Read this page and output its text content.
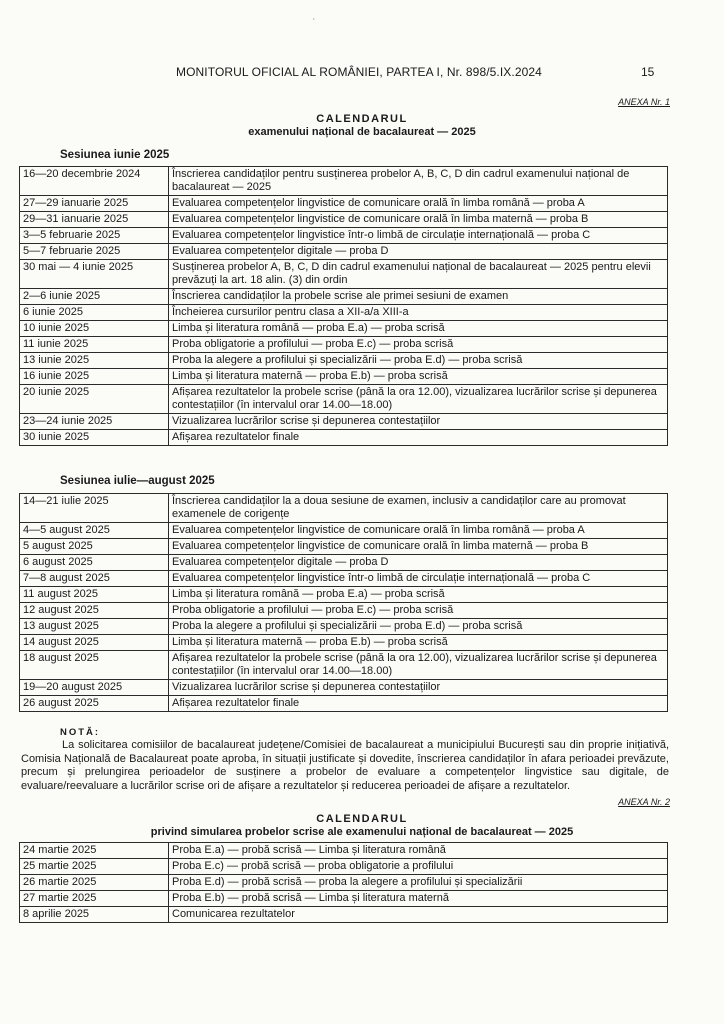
‘
MONITORUL OFICIAL AL ROMÂNIEI, PARTEA I, Nr. 898/5.IX.2024	15
ANEXA Nr. 1
CALENDARUL
examenului național de bacalaureat — 2025
Sesiunea iunie 2025
16—20 decembrie 2024	Înscrierea candidaților pentru susținerea probelor A, B, C, D din cadrul examenului național de bacalaureat — 2025
27—29 ianuarie 2025	Evaluarea competențelor lingvistice de comunicare orală în limba română — proba A
29—31 ianuarie 2025	Evaluarea competențelor lingvistice de comunicare orală în limba maternă — proba B
3—5 februarie 2025	Evaluarea competențelor lingvistice într-o limbă de circulație internațională — proba C
5—7 februarie 2025	Evaluarea competențelor digitale — proba D
30 mai — 4 iunie 2025	Susținerea probelor A, B, C, D din cadrul examenului național de bacalaureat — 2025 pentru elevii prevăzuți la art. 18 alin. (3) din ordin
2—6 iunie 2025	Înscrierea candidaților la probele scrise ale primei sesiuni de examen
6 iunie 2025	Încheierea cursurilor pentru clasa a XII-a/a XIII-a
10 iunie 2025	Limba și literatura română — proba E.a) — proba scrisă
11 iunie 2025	Proba obligatorie a profilului — proba E.c) — proba scrisă
13 iunie 2025	Proba la alegere a profilului și specializării — proba E.d) — proba scrisă
16 iunie 2025	Limba și literatura maternă — proba E.b) — proba scrisă
20 iunie 2025	Afișarea rezultatelor la probele scrise (până la ora 12.00), vizualizarea lucrărilor scrise și depunerea contestațiilor (în intervalul orar 14.00—18.00)
23—24 iunie 2025	Vizualizarea lucrărilor scrise și depunerea contestațiilor
30 iunie 2025	Afișarea rezultatelor finale
Sesiunea iulie—august 2025
14—21 iulie 2025	Înscrierea candidaților la a doua sesiune de examen, inclusiv a candidaților care au promovat examenele de corigențe
4—5 august 2025	Evaluarea competențelor lingvistice de comunicare orală în limba română — proba A
5 august 2025	Evaluarea competențelor lingvistice de comunicare orală în limba maternă — proba B
6 august 2025	Evaluarea competențelor digitale — proba D
7—8 august 2025	Evaluarea competențelor lingvistice într-o limbă de circulație internațională — proba C
11 august 2025	Limba și literatura română — proba E.a) — proba scrisă
12 august 2025	Proba obligatorie a profilului — proba E.c) — proba scrisă
13 august 2025	Proba la alegere a profilului și specializării — proba E.d) — proba scrisă
14 august 2025	Limba și literatura maternă — proba E.b) — proba scrisă
18 august 2025	Afișarea rezultatelor la probele scrise (până la ora 12.00), vizualizarea lucrărilor scrise și depunerea contestațiilor (în intervalul orar 14.00—18.00)
19—20 august 2025	Vizualizarea lucrărilor scrise și depunerea contestațiilor
26 august 2025	Afișarea rezultatelor finale
NOTĂ:
La solicitarea comisiilor de bacalaureat județene/Comisiei de bacalaureat a municipiului București sau din proprie inițiativă, Comisia Națională de Bacalaureat poate aproba, în situații justificate și dovedite, înscrierea candidaților în afara perioadei prevăzute, precum și prelungirea perioadelor de susținere a probelor de evaluare a competențelor lingvistice sau digitale, de evaluare/reevaluare a lucrărilor scrise ori de afișare a rezultatelor și reducerea perioadei de afișare a rezultatelor.
ANEXA Nr. 2
CALENDARUL
privind simularea probelor scrise ale examenului național de bacalaureat — 2025
24 martie 2025	Proba E.a) — probă scrisă — Limba și literatura română
25 martie 2025	Proba E.c) — probă scrisă — proba obligatorie a profilului
26 martie 2025	Proba E.d) — probă scrisă — proba la alegere a profilului și specializării
27 martie 2025	Proba E.b) — probă scrisă — Limba și literatura maternă
8 aprilie 2025	Comunicarea rezultatelor
